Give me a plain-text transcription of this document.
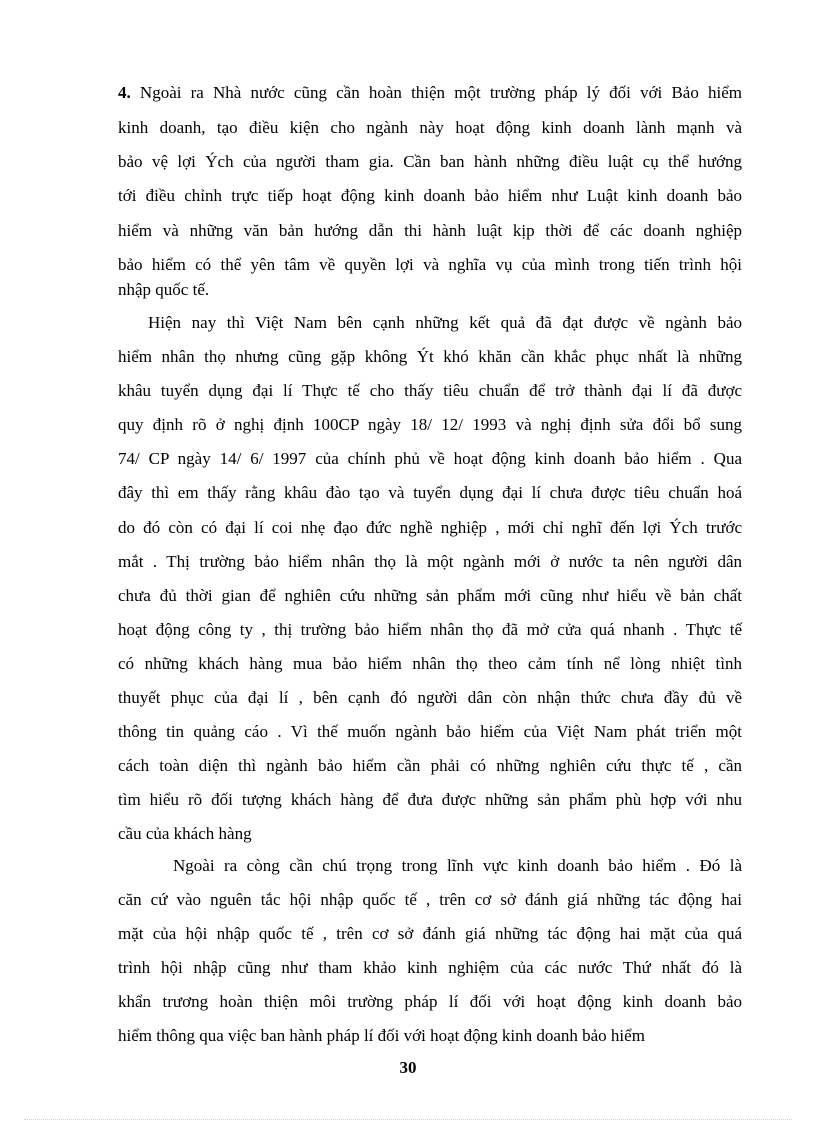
4. Ngoài ra Nhà nước cũng cần hoàn thiện một trường pháp lý đối với Bảo hiểm
kinh doanh, tạo điều kiện cho ngành này hoạt động kinh doanh lành mạnh và
bảo vệ lợi Ých của người tham gia. Cần ban hành những điều luật cụ thể hướng
tới điều chỉnh trực tiếp hoạt động kinh doanh bảo hiểm như Luật kinh doanh bảo
hiểm và những văn bản hướng dẫn thi hành luật kịp thời để các doanh nghiệp
bảo hiểm có thể yên tâm về quyền lợi và nghĩa vụ của mình trong tiến trình hội
nhập quốc tế.
Hiện nay thì Việt Nam bên cạnh những kết quả đã đạt được về ngành bảo
hiểm nhân thọ nhưng cũng gặp không Ýt khó khăn cần khắc phục nhất là những
khâu tuyển dụng đại lí Thực tế cho thấy tiêu chuẩn để trở thành đại lí đã được
quy định rõ ở nghị định 100CP ngày 18/ 12/ 1993 và nghị định sửa đổi bổ sung
74/ CP ngày 14/ 6/ 1997 của chính phủ về hoạt động kinh doanh bảo hiểm . Qua
đây thì em thấy rằng khâu đào tạo và tuyển dụng đại lí chưa được tiêu chuẩn hoá
do đó còn có đại lí coi nhẹ đạo đức nghề nghiệp , mới chỉ nghĩ đến lợi Ých trước
mắt . Thị trường bảo hiểm nhân thọ là một ngành mới ở nước ta nên người dân
chưa đủ thời gian để nghiên cứu những sản phẩm mới cũng như hiểu về bản chất
hoạt động công ty , thị trường bảo hiểm nhân thọ đã mở cửa quá nhanh . Thực tế
có những khách hàng mua bảo hiểm nhân thọ theo cảm tính nể lòng nhiệt tình
thuyết phục của đại lí , bên cạnh đó người dân còn nhận thức chưa đầy đủ về
thông tin quảng cáo . Vì thế muốn ngành bảo hiểm của Việt Nam phát triển một
cách toàn diện thì ngành bảo hiểm cần phải có những nghiên cứu thực tế , cần
tìm hiểu rõ đối tượng khách hàng để đưa được những sản phẩm phù hợp với nhu
cầu của khách hàng
Ngoài ra còng cần chú trọng trong lĩnh vực kinh doanh bảo hiểm . Đó là
căn cứ vào nguên tắc hội nhập quốc tế , trên cơ sở đánh giá những tác động hai
mặt của hội nhập quốc tế , trên cơ sở đánh giá những tác động hai mặt của quá
trình hội nhập cũng như tham khảo kinh nghiệm của các nước Thứ nhất đó là
khẩn trương hoàn thiện môi trường pháp lí đối với hoạt động kinh doanh bảo
hiểm thông qua việc ban hành pháp lí đối với hoạt động kinh doanh bảo hiểm
30
